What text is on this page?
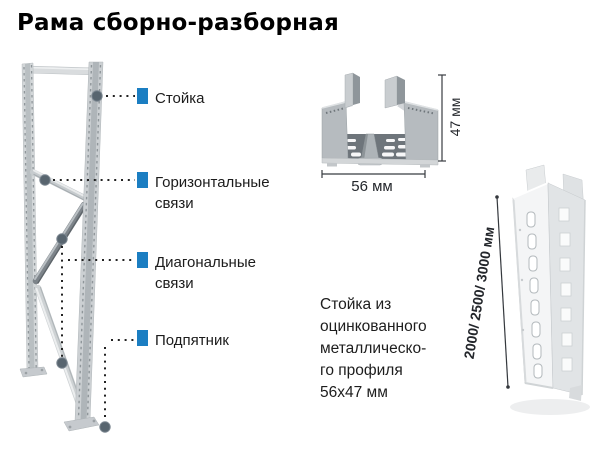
Рама сборно-разборная
Стойка
Горизонтальные связи
Диагональные связи
Подпятник
47 мм
56 мм
Стойка из
оцинкованного
металлическо-
го профиля
56х47 мм
2000/ 2500/ 3000 мм
